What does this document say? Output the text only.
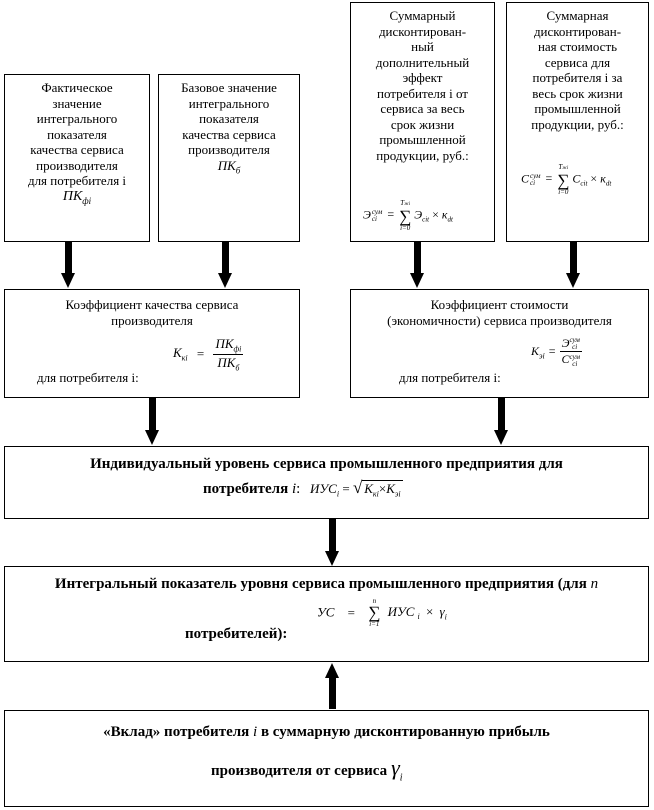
Фактическое
значение
интегрального
показателя
качества сервиса
производителя
для потребителя i
$ПК_{фi}$
Базовое значение
интегрального
показателя
качества сервиса
производителя
$ПК_б$
Суммарный
дисконтирован-
ный
дополнительный
эффект
потребителя i от
сервиса за весь
срок жизни
промышленной
продукции, руб.:
Э сум
сi =
Tжi
∑
i=0
$Э_{сit} \times к_{dt}$
Суммарная
дисконтирован-
ная стоимость
сервиса для
потребителя i за
весь срок жизни
промышленной
продукции, руб.:
С сум
сi =
Tжi
∑
i=0
$С_{сit} \times к_{dt}$
Коэффициент качества сервиса
производителя
для потребителя i:
$К_{кi} = \frac{ПК_{фi}}{ПК_б}$
Коэффициент стоимости
(экономичности) сервиса производителя
для потребителя i:
$К_{эi} = Э$ сум
сi
С сум
сi
Индивидуальный уровень сервиса промышленного предприятия для
потребителя i: $ИУС_i$ = √ $К_{кi}\times К_{эi}$
Интегральный показатель уровня сервиса промышленного предприятия (для n
потребителей):
УС =
n
∑
i=1
ИУС $_i \times \gamma_i$
«Вклад» потребителя i в суммарную дисконтированную прибыль
производителя от сервиса $\gamma_i$
